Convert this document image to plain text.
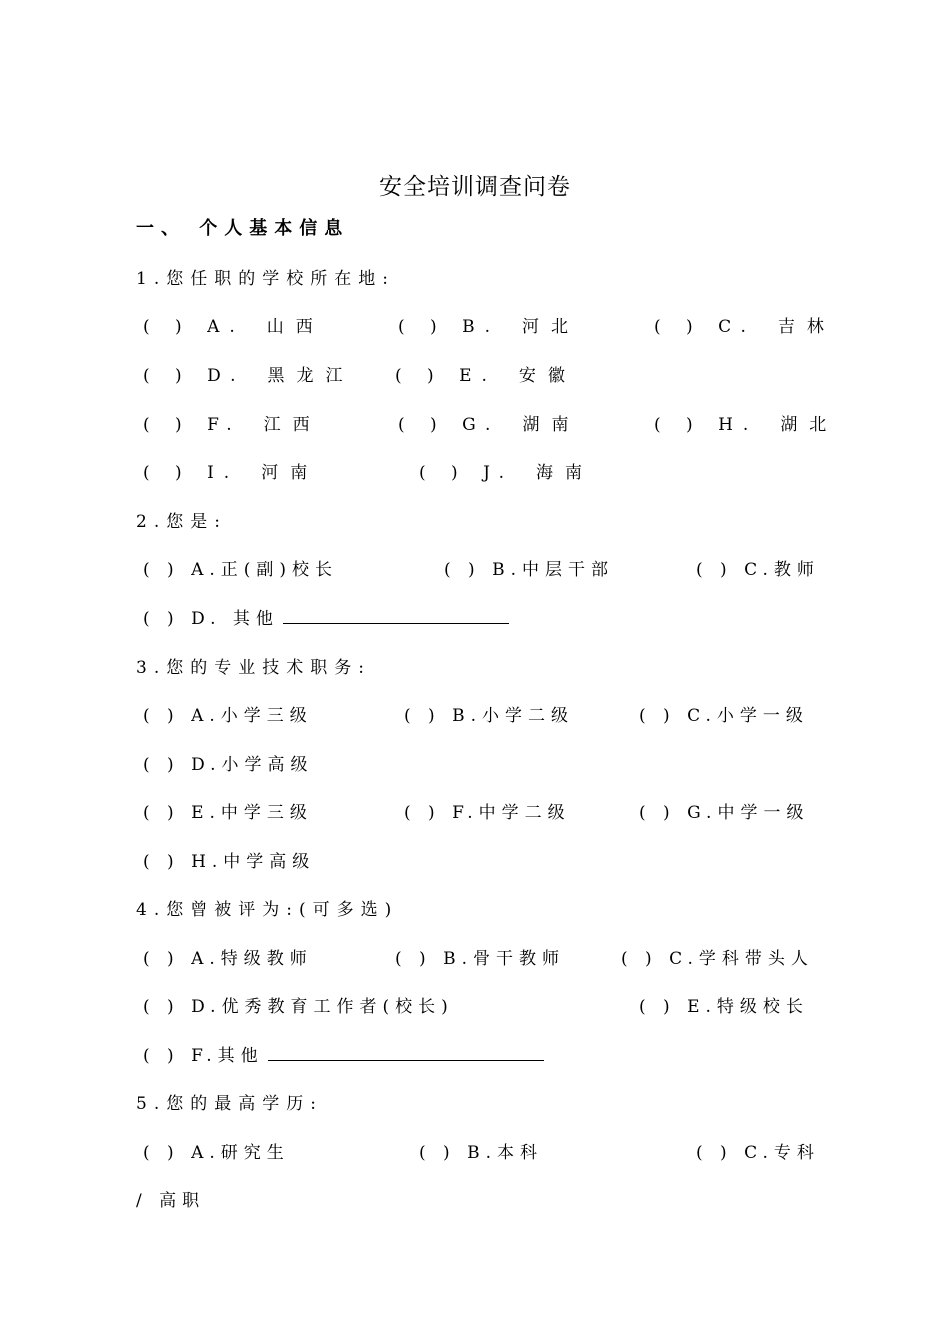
安全培训调查问卷
一、 个人基本信息
1.您任职的学校所在地:
( ) A. 山西	( ) B. 河北	( ) C. 吉林
( ) D. 黑龙江 ( ) E. 安徽
( ) F. 江西	( ) G. 湖南	( ) H. 湖北
( ) I. 河南	( ) J. 海南
2.您是:
( ) A.正(副)校长	( ) B.中层干部	( ) C.教师
( ) D. 其他
3.您的专业技术职务:
( ) A.小学三级	( ) B.小学二级	( ) C.小学一级
( ) D.小学高级
( ) E.中学三级	( ) F.中学二级	( ) G.中学一级
( ) H.中学高级
4.您曾被评为:(可多选)
( ) A.特级教师	( ) B.骨干教师	( ) C.学科带头人
( ) D.优秀教育工作者(校长)	( ) E.特级校长
( ) F.其他
5.您的最高学历:
( ) A.研究生	( ) B.本科	( ) C.专科
/ 高职
